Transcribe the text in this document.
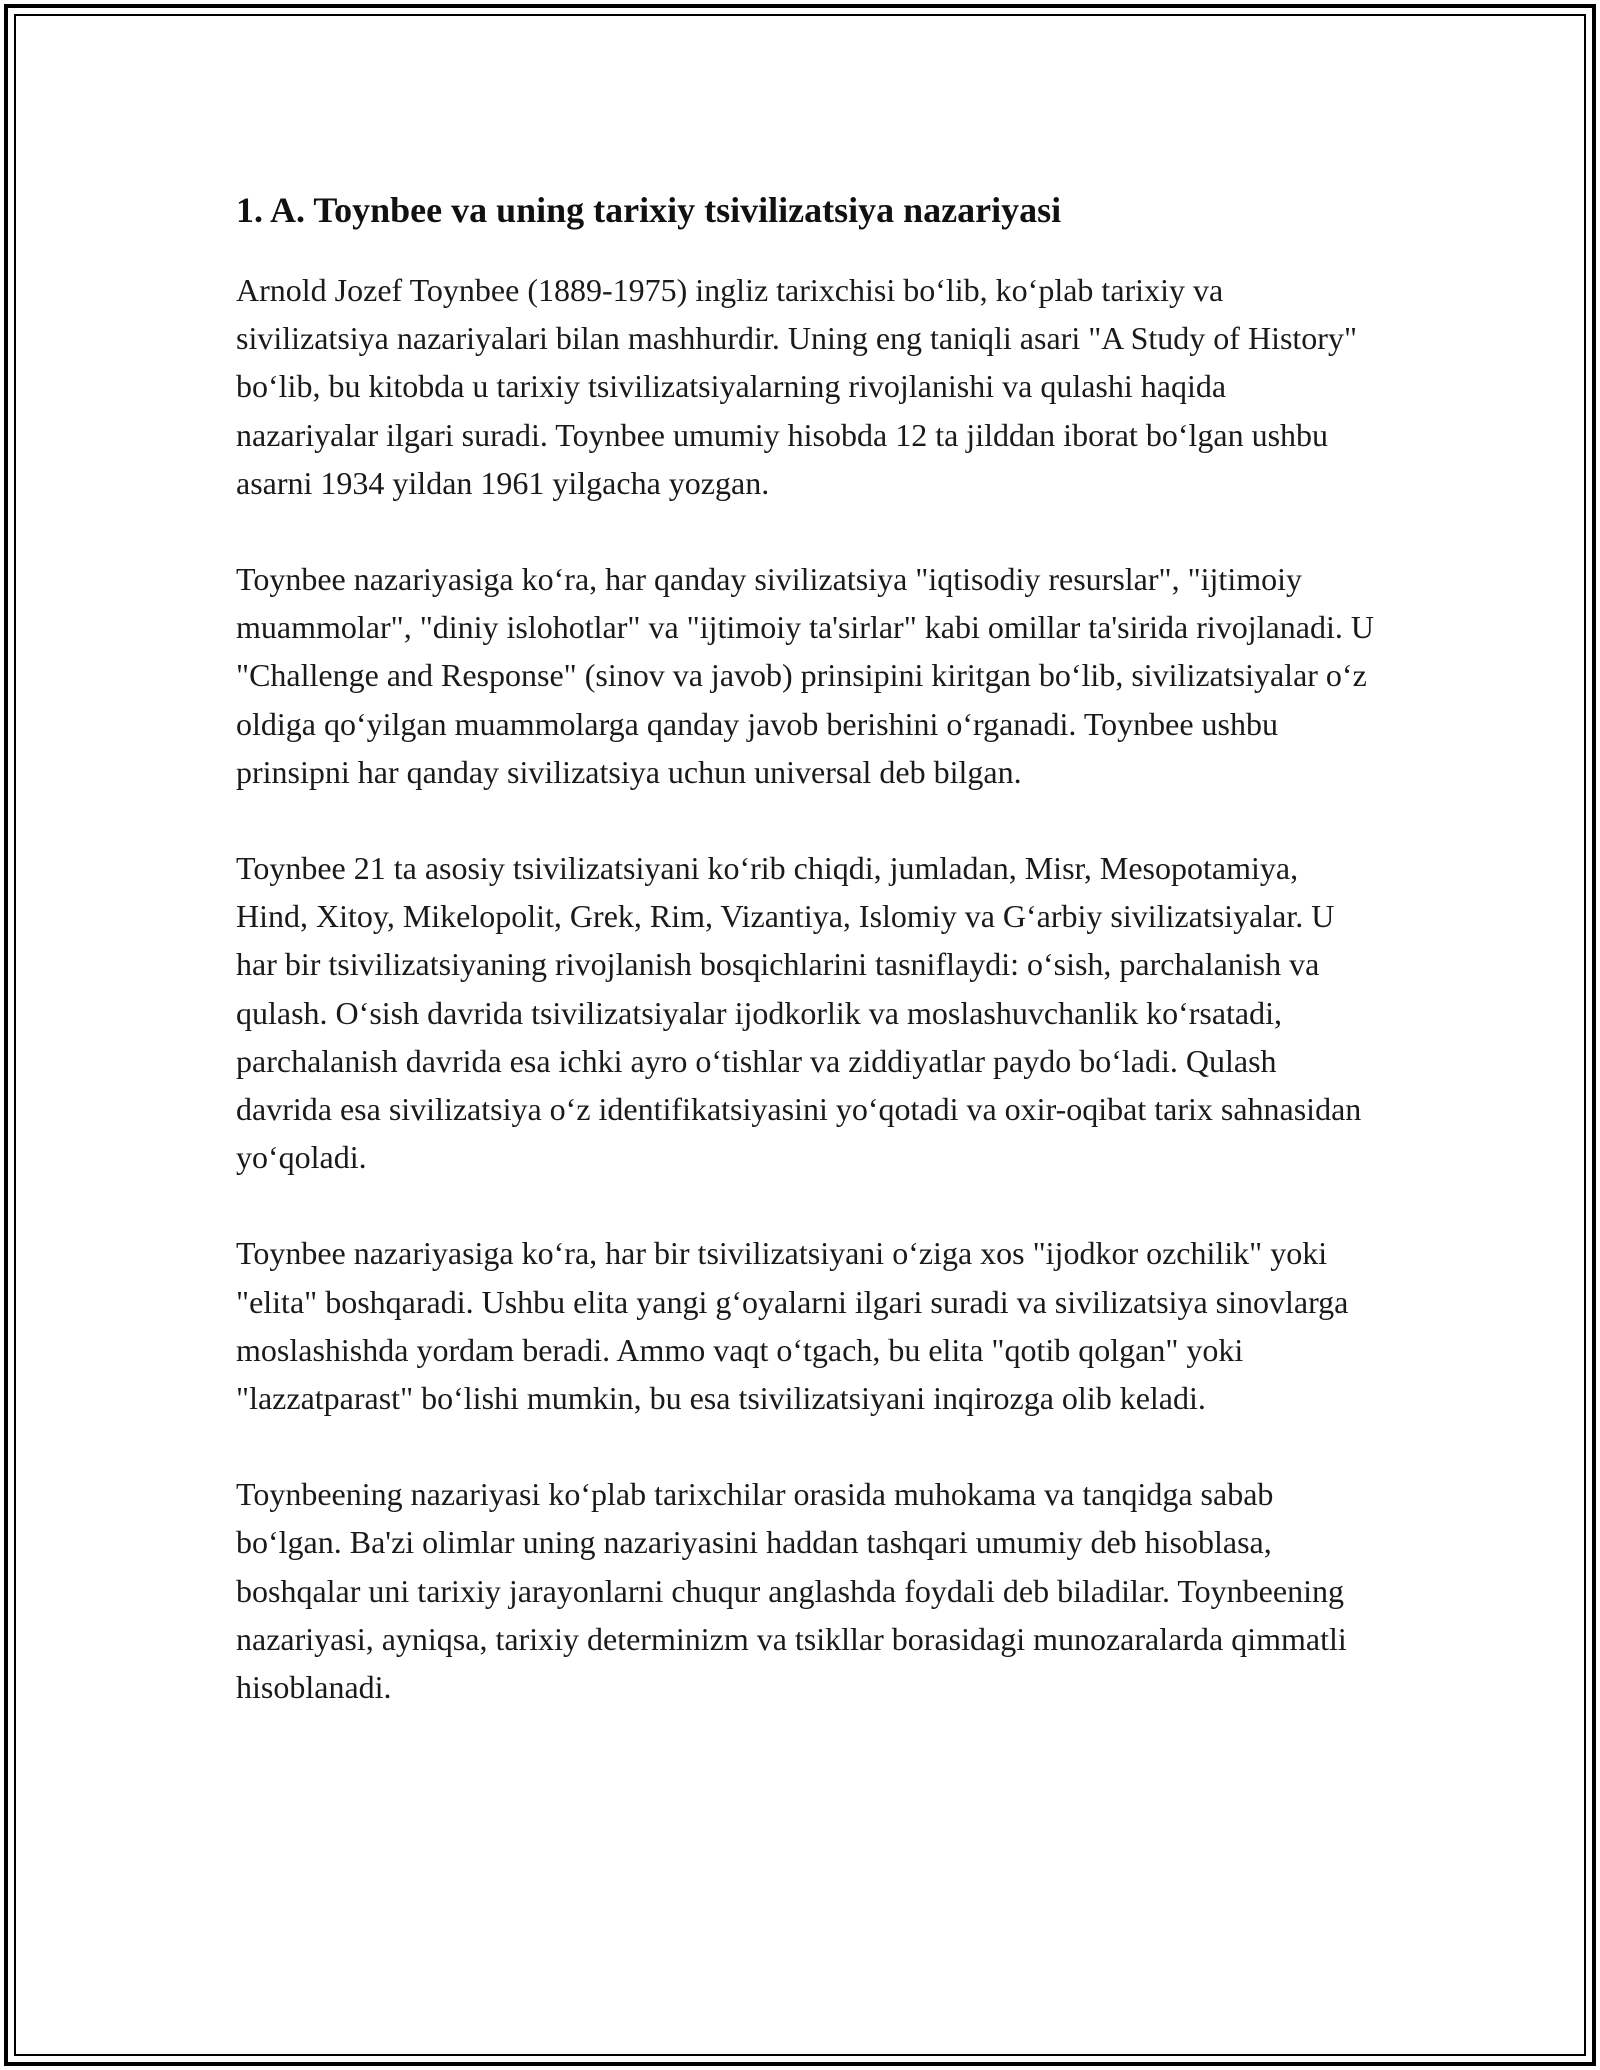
1. A. Toynbee va uning tarixiy tsivilizatsiya nazariyasi

Arnold Jozef Toynbee (1889-1975) ingliz tarixchisi boʻlib, koʻplab tarixiy va sivilizatsiya nazariyalari bilan mashhurdir. Uning eng taniqli asari "A Study of History" boʻlib, bu kitobda u tarixiy tsivilizatsiyalarning rivojlanishi va qulashi haqida nazariyalar ilgari suradi. Toynbee umumiy hisobda 12 ta jilddan iborat boʻlgan ushbu asarni 1934 yildan 1961 yilgacha yozgan.

Toynbee nazariyasiga koʻra, har qanday sivilizatsiya "iqtisodiy resurslar", "ijtimoiy muammolar", "diniy islohotlar" va "ijtimoiy ta'sirlar" kabi omillar ta'sirida rivojlanadi. U "Challenge and Response" (sinov va javob) prinsipini kiritgan boʻlib, sivilizatsiyalar oʻz oldiga qoʻyilgan muammolarga qanday javob berishini oʻrganadi. Toynbee ushbu prinsipni har qanday sivilizatsiya uchun universal deb bilgan.

Toynbee 21 ta asosiy tsivilizatsiyani koʻrib chiqdi, jumladan, Misr, Mesopotamiya, Hind, Xitoy, Mikelopolit, Grek, Rim, Vizantiya, Islomiy va Gʻarbiy sivilizatsiyalar. U har bir tsivilizatsiyaning rivojlanish bosqichlarini tasniflaydi: oʻsish, parchalanish va qulash. Oʻsish davrida tsivilizatsiyalar ijodkorlik va moslashuvchanlik koʻrsatadi, parchalanish davrida esa ichki ayro oʻtishlar va ziddiyatlar paydo boʻladi. Qulash davrida esa sivilizatsiya oʻz identifikatsiyasini yoʻqotadi va oxir-oqibat tarix sahnasidan yoʻqoladi.

Toynbee nazariyasiga koʻra, har bir tsivilizatsiyani oʻziga xos "ijodkor ozchilik" yoki "elita" boshqaradi. Ushbu elita yangi gʻoyalarni ilgari suradi va sivilizatsiya sinovlarga moslashishda yordam beradi. Ammo vaqt oʻtgach, bu elita "qotib qolgan" yoki "lazzatparast" boʻlishi mumkin, bu esa tsivilizatsiyani inqirozga olib keladi.

Toynbeening nazariyasi koʻplab tarixchilar orasida muhokama va tanqidga sabab boʻlgan. Ba'zi olimlar uning nazariyasini haddan tashqari umumiy deb hisoblasa, boshqalar uni tarixiy jarayonlarni chuqur anglashda foydali deb biladilar. Toynbeening nazariyasi, ayniqsa, tarixiy determinizm va tsikllar borasidagi munozaralarda qimmatli hisoblanadi.
